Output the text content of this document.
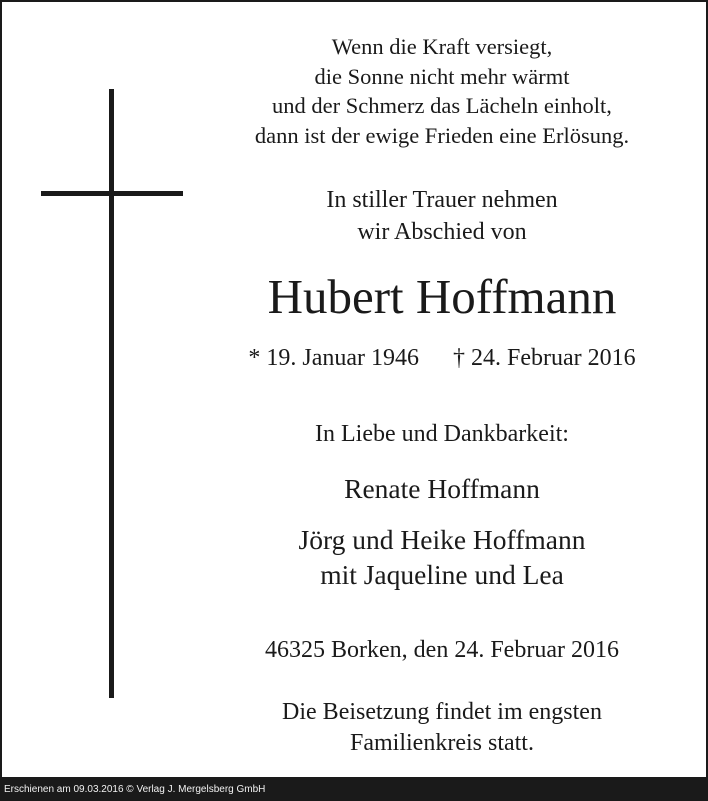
Wenn die Kraft versiegt,
die Sonne nicht mehr wärmt
und der Schmerz das Lächeln einholt,
dann ist der ewige Frieden eine Erlösung.
In stiller Trauer nehmen
wir Abschied von
Hubert Hoffmann
* 19. Januar 1946 † 24. Februar 2016
In Liebe und Dankbarkeit:
Renate Hoffmann
Jörg und Heike Hoffmann
mit Jaqueline und Lea
46325 Borken, den 24. Februar 2016
Die Beisetzung findet im engsten
Familienkreis statt.
Erschienen am 09.03.2016 © Verlag J. Mergelsberg GmbH
